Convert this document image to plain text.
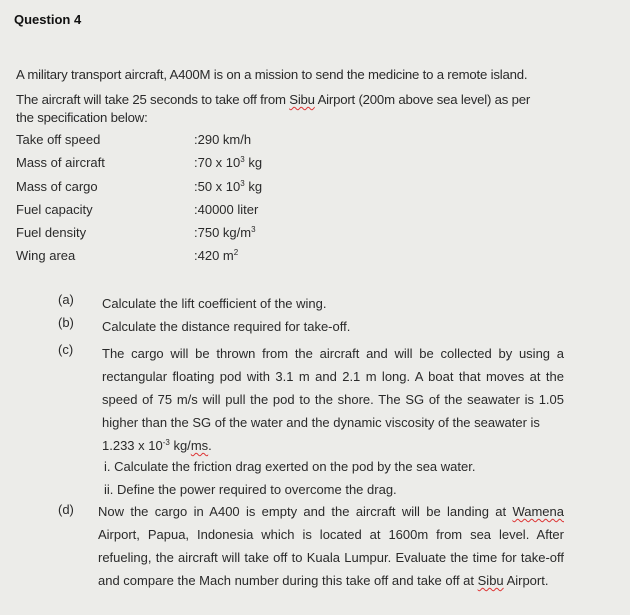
Question 4
A military transport aircraft, A400M is on a mission to send the medicine to a remote island.
The aircraft will take 25 seconds to take off from Sibu Airport (200m above sea level) as per
the specification below:
Take off speed	:290 km/h
Mass of aircraft	:70 x $10^3$ kg
Mass of cargo	:50 x $10^3$ kg
Fuel capacity	:40000 liter
Fuel density	:750 $kg/m^3$
Wing area	:420 $m^2$
(a) Calculate the lift coefficient of the wing.
(b) Calculate the distance required for take-off.
(c) The cargo will be thrown from the aircraft and will be collected by using a rectangular floating pod with 3.1 m and 2.1 m long. A boat that moves at the speed of 75 m/s will pull the pod to the shore. The SG of the seawater is 1.05 higher than the SG of the water and the dynamic viscosity of the seawater is
1.233 x $10^{-3}$ kg/ms.
i. Calculate the friction drag exerted on the pod by the sea water.
ii. Define the power required to overcome the drag.
(d) Now the cargo in A400 is empty and the aircraft will be landing at Wamena Airport, Papua, Indonesia which is located at 1600m from sea level. After refueling, the aircraft will take off to Kuala Lumpur. Evaluate the time for take-off and compare the Mach number during this take off and take off at Sibu Airport.
